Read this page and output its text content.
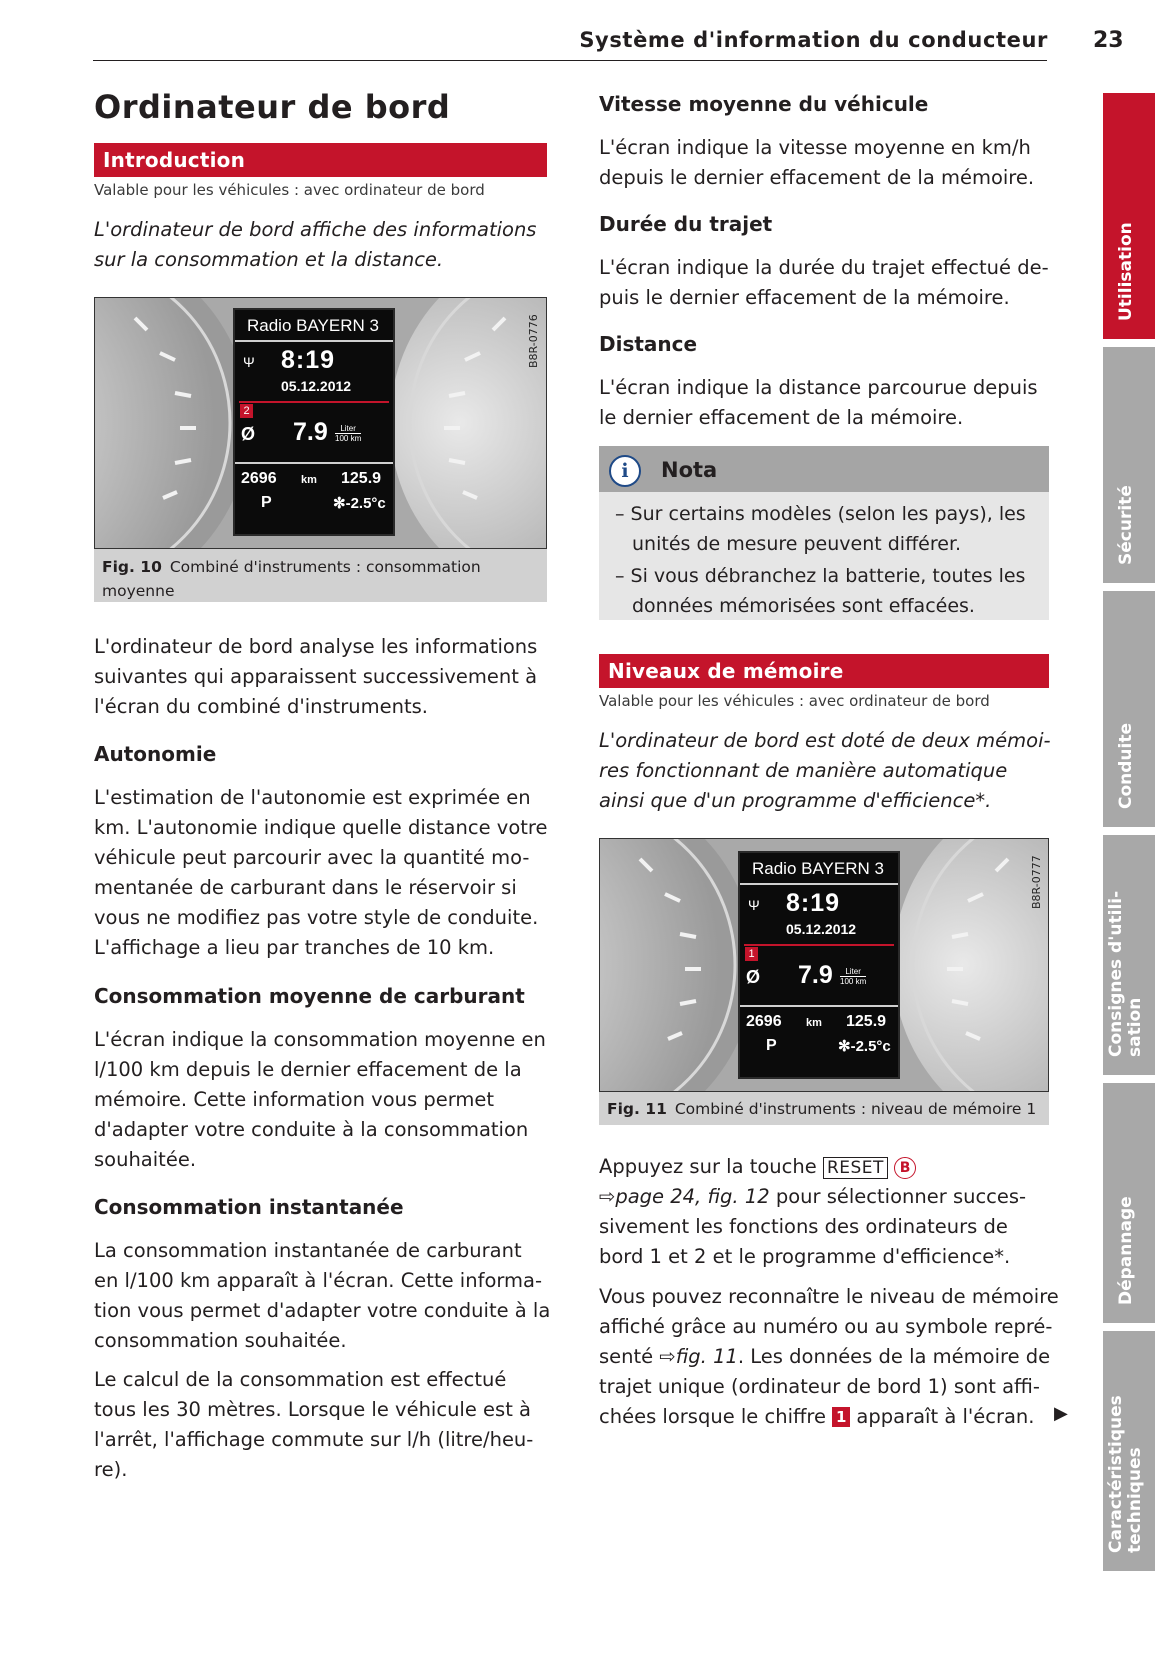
Système d'information du conducteur 23
Ordinateur de bord
Introduction
Valable pour les véhicules : avec ordinateur de bord
L'ordinateur de bord affiche des informations
sur la consommation et la distance.
Radio BAYERN 3
Ψ 8:19
05.12.2012
2
Ø 7.9	Liter
100 km
2696 km 125.9
P	✻-2.5°c
B8R-0776
Fig. 10 Combiné d'instruments : consommation
moyenne
L'ordinateur de bord analyse les informations
suivantes qui apparaissent successivement à
l'écran du combiné d'instruments.
Autonomie
L'estimation de l'autonomie est exprimée en
km. L'autonomie indique quelle distance votre
véhicule peut parcourir avec la quantité mo-
mentanée de carburant dans le réservoir si
vous ne modifiez pas votre style de conduite.
L'affichage a lieu par tranches de 10 km.
Consommation moyenne de carburant
L'écran indique la consommation moyenne en
l/100 km depuis le dernier effacement de la
mémoire. Cette information vous permet
d'adapter votre conduite à la consommation
souhaitée.
Consommation instantanée
La consommation instantanée de carburant
en l/100 km apparaît à l'écran. Cette informa-
tion vous permet d'adapter votre conduite à la
consommation souhaitée.
Le calcul de la consommation est effectué
tous les 30 mètres. Lorsque le véhicule est à
l'arrêt, l'affichage commute sur l/h (litre/heu-
re).
Vitesse moyenne du véhicule
L'écran indique la vitesse moyenne en km/h
depuis le dernier effacement de la mémoire.
Durée du trajet
L'écran indique la durée du trajet effectué de-
puis le dernier effacement de la mémoire.
Distance
L'écran indique la distance parcourue depuis
le dernier effacement de la mémoire.
i	Nota
– Sur certains modèles (selon les pays), les
unités de mesure peuvent différer.
– Si vous débranchez la batterie, toutes les
données mémorisées sont effacées.
Niveaux de mémoire
Valable pour les véhicules : avec ordinateur de bord
L'ordinateur de bord est doté de deux mémoi-
res fonctionnant de manière automatique
ainsi que d'un programme d'efficience*.
Radio BAYERN 3
Ψ 8:19
05.12.2012
1
Ø 7.9	Liter
100 km
2696 km 125.9
P	✻-2.5°c
B8R-0777
Fig. 11 Combiné d'instruments : niveau de mémoire 1
Appuyez sur la touche RESET B
⇨page 24, fig. 12 pour sélectionner succes-
sivement les fonctions des ordinateurs de
bord 1 et 2 et le programme d'efficience*.
Vous pouvez reconnaître le niveau de mémoire
affiché grâce au numéro ou au symbole repré-
senté ⇨fig. 11. Les données de la mémoire de
trajet unique (ordinateur de bord 1) sont affi-
chées lorsque le chiffre 1 apparaît à l'écran.	▶
Utilisation
Sécurité
Conduite
Consignes d'utili- sation
Dépannage
Caractéristiques techniques
